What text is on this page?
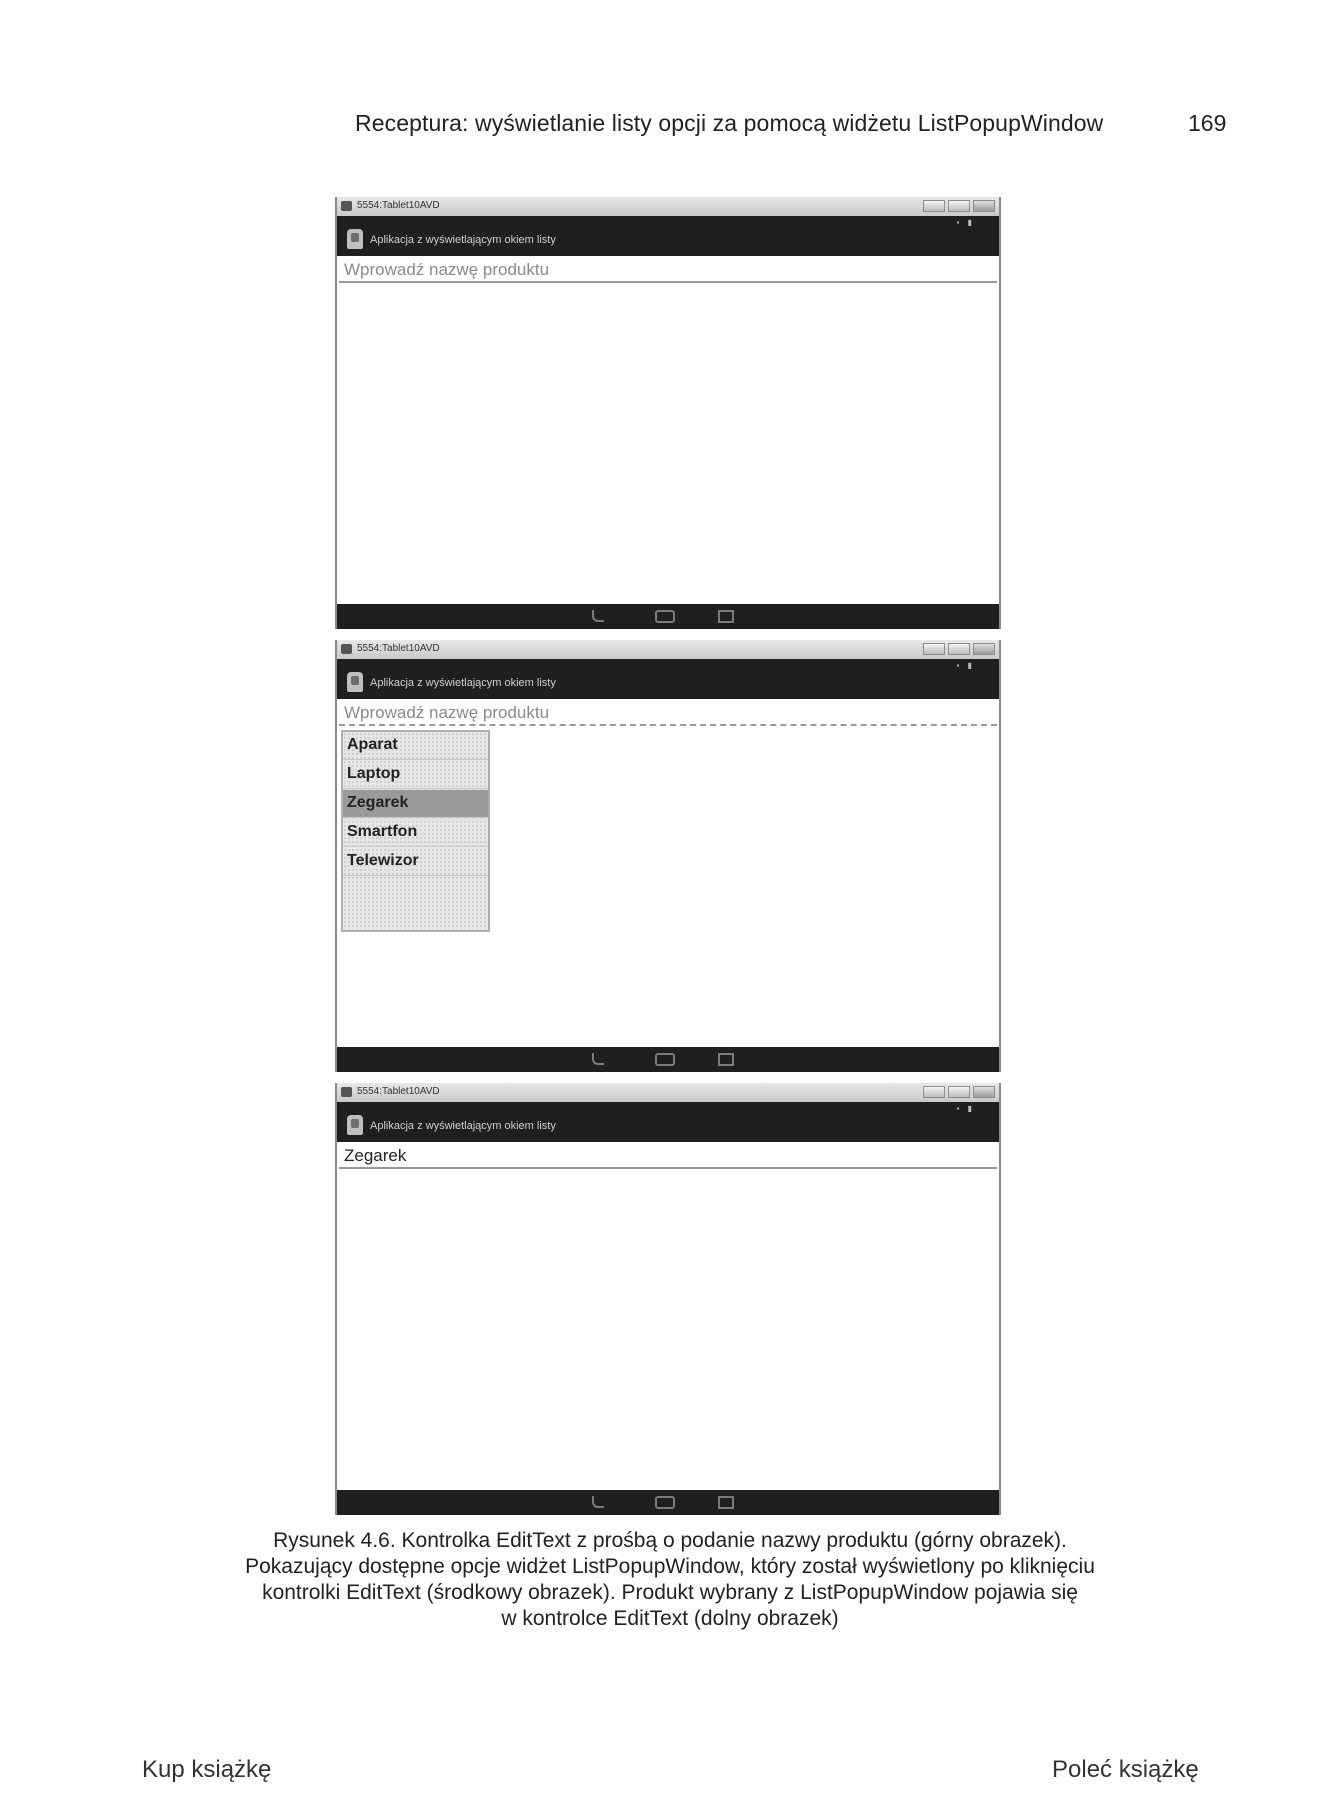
Receptura: wyświetlanie listy opcji za pomocą widżetu ListPopupWindow	169
5554:Tablet10AVD
▪ ▮
Aplikacja z wyświetlającym okiem listy
Wprowadź nazwę produktu
5554:Tablet10AVD
▪ ▮
Aplikacja z wyświetlającym okiem listy
Wprowadź nazwę produktu
Aparat
Laptop
Zegarek
Smartfon
Telewizor
5554:Tablet10AVD
▪ ▮
Aplikacja z wyświetlającym okiem listy
Zegarek
Rysunek 4.6. Kontrolka EditText z prośbą o podanie nazwy produktu (górny obrazek).
Pokazujący dostępne opcje widżet ListPopupWindow, który został wyświetlony po kliknięciu
kontrolki EditText (środkowy obrazek). Produkt wybrany z ListPopupWindow pojawia się
w kontrolce EditText (dolny obrazek)
Kup książkę	Poleć książkę
